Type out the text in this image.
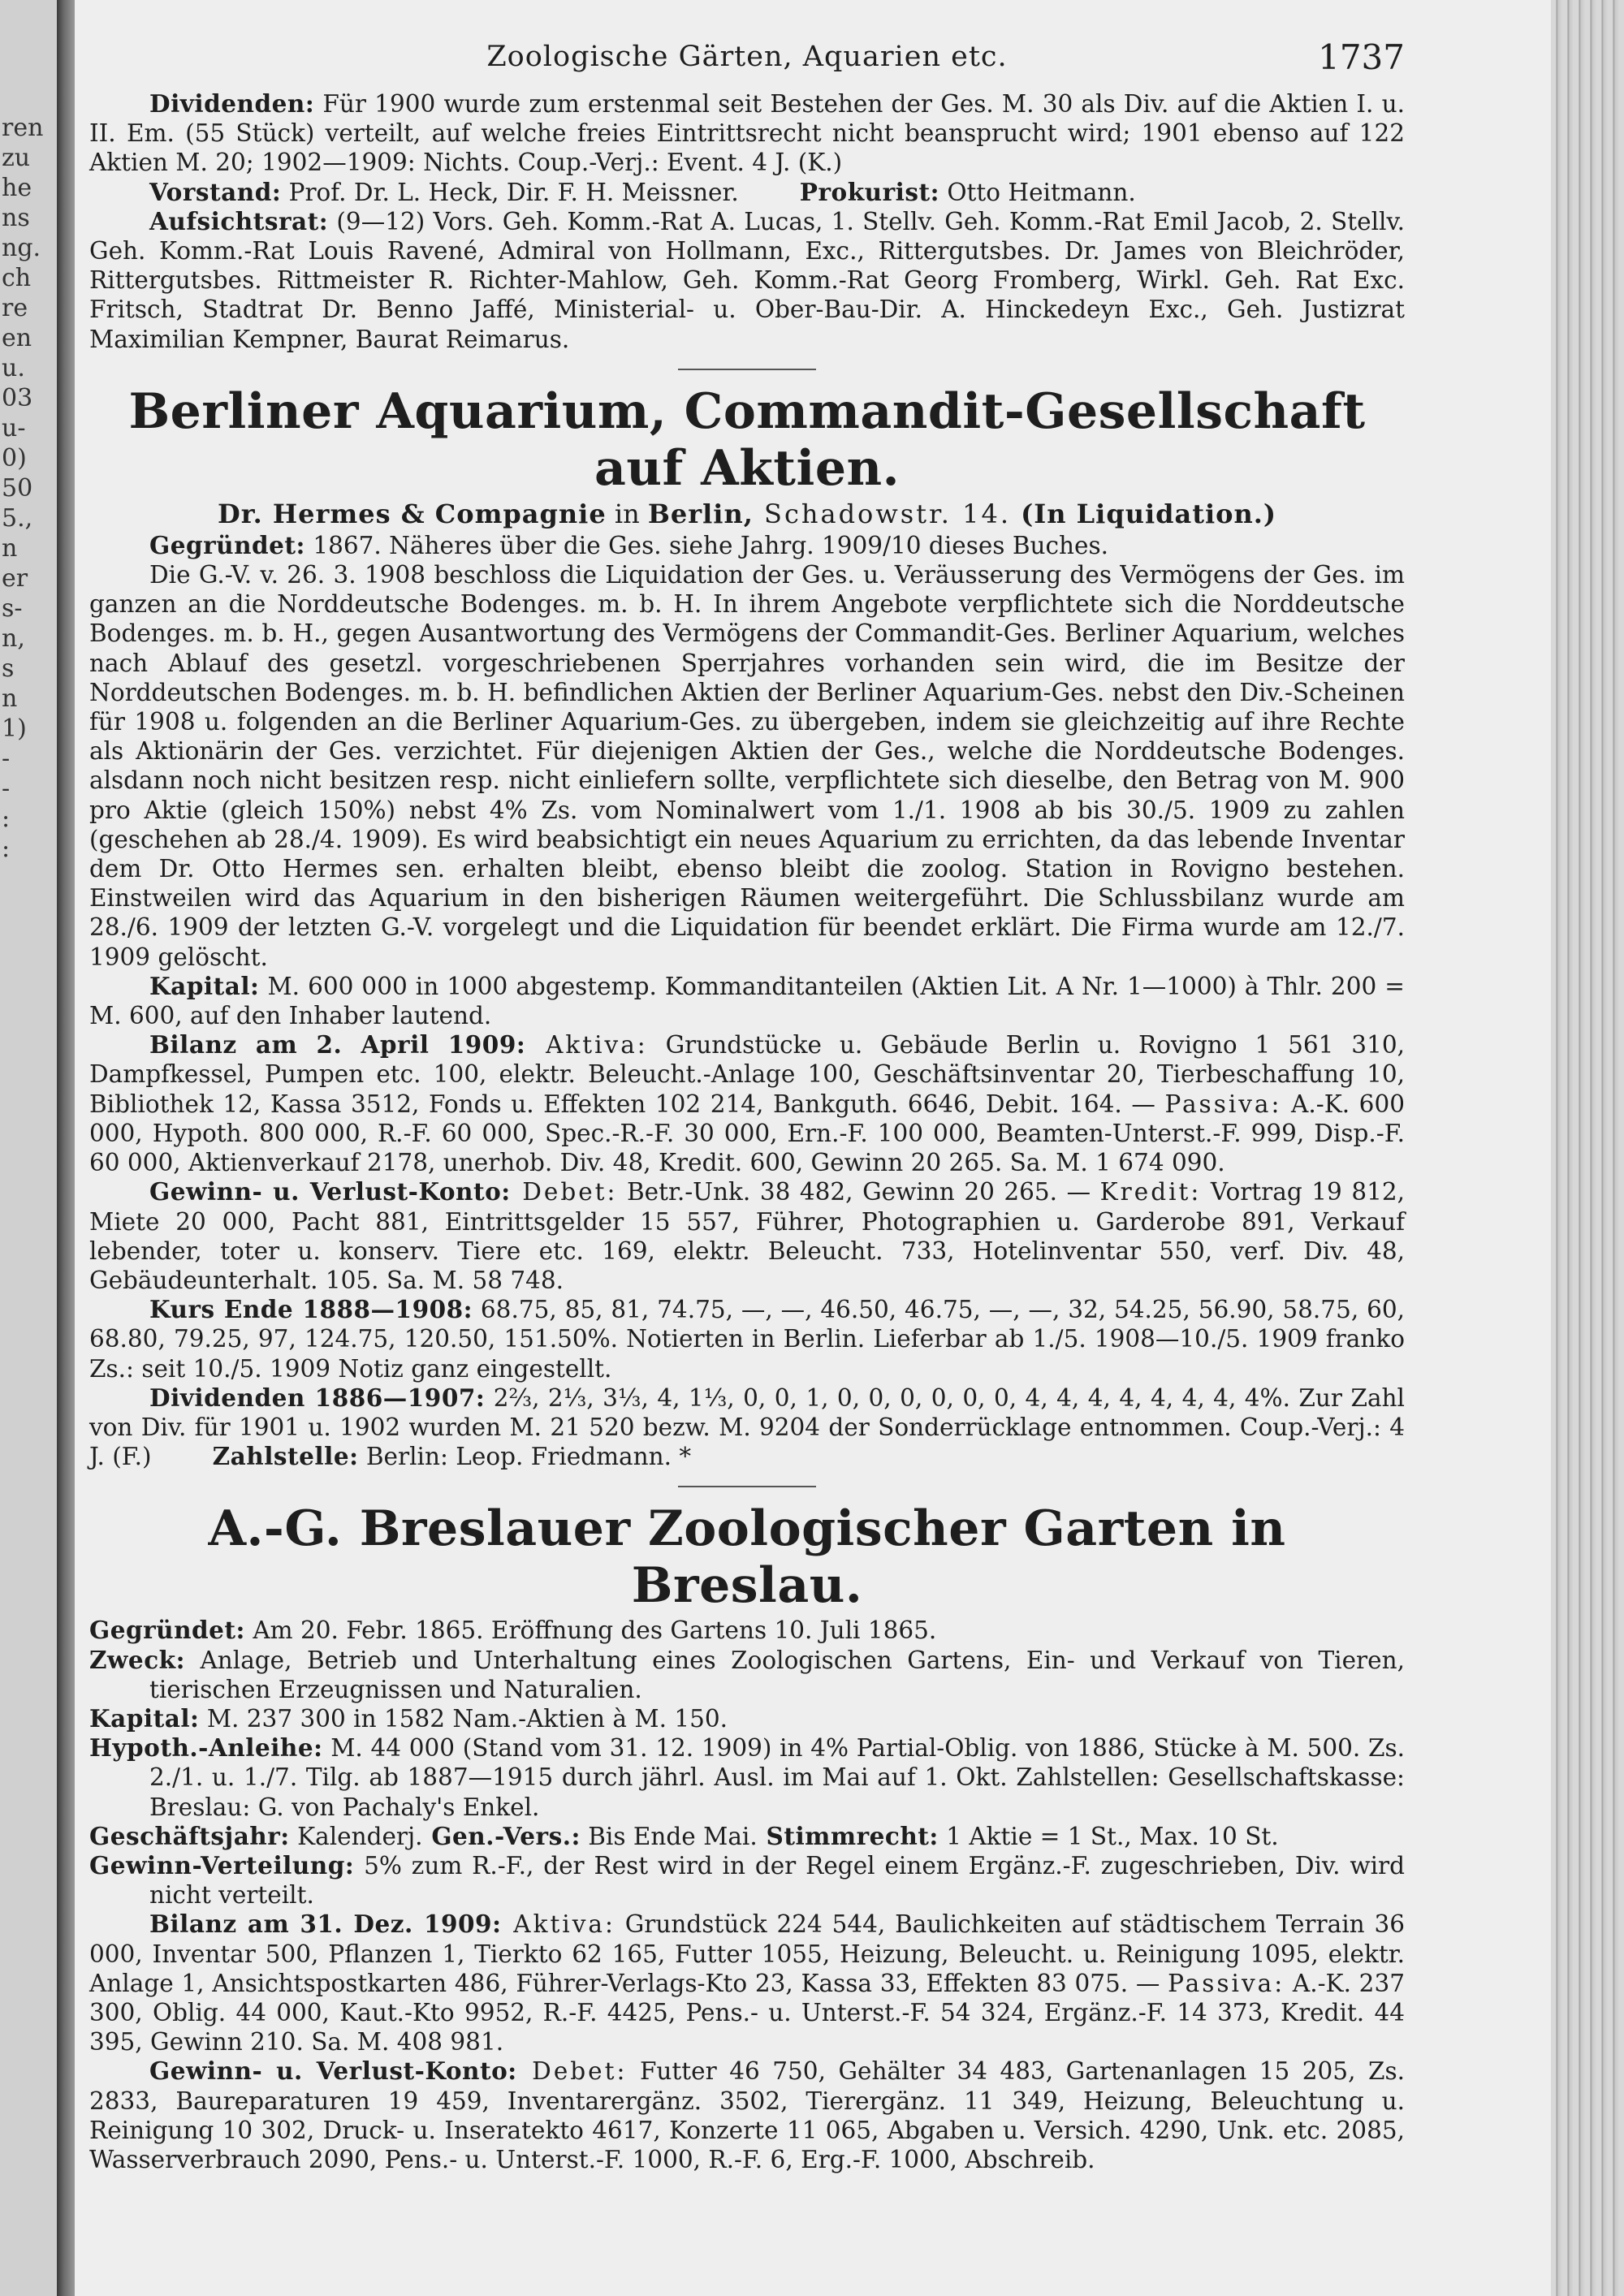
ren
zu
he
ns
ng.
ch
re
en
u.
03
u-
0)
50
5.,
n
er
s-
n,
s
n
1)
-
-
:
:
Zoologische Gärten, Aquarien etc.	1737

Dividenden: Für 1900 wurde zum erstenmal seit Bestehen der Ges. M. 30 als Div. auf die Aktien I. u. II. Em. (55 Stück) verteilt, auf welche freies Eintrittsrecht nicht beansprucht wird; 1901 ebenso auf 122 Aktien M. 20; 1902—1909: Nichts. Coup.-Verj.: Event. 4 J. (K.)

Vorstand: Prof. Dr. L. Heck, Dir. F. H. Meissner.	Prokurist: Otto Heitmann.

Aufsichtsrat: (9—12) Vors. Geh. Komm.-Rat A. Lucas, 1. Stellv. Geh. Komm.-Rat Emil Jacob, 2. Stellv. Geh. Komm.-Rat Louis Ravené, Admiral von Hollmann, Exc., Rittergutsbes. Dr. James von Bleichröder, Rittergutsbes. Rittmeister R. Richter-Mahlow, Geh. Komm.-Rat Georg Fromberg, Wirkl. Geh. Rat Exc. Fritsch, Stadtrat Dr. Benno Jaffé, Ministerial- u. Ober-Bau-Dir. A. Hinckedeyn Exc., Geh. Justizrat Maximilian Kempner, Baurat Reimarus.

Berliner Aquarium, Commandit-Gesellschaft auf Aktien.
Dr. Hermes & Compagnie in Berlin, Schadowstr. 14. (In Liquidation.)

Gegründet: 1867. Näheres über die Ges. siehe Jahrg. 1909/10 dieses Buches.

Die G.-V. v. 26. 3. 1908 beschloss die Liquidation der Ges. u. Veräusserung des Vermögens der Ges. im ganzen an die Norddeutsche Bodenges. m. b. H. In ihrem Angebote verpflichtete sich die Norddeutsche Bodenges. m. b. H., gegen Ausantwortung des Vermögens der Commandit-Ges. Berliner Aquarium, welches nach Ablauf des gesetzl. vorgeschriebenen Sperrjahres vorhanden sein wird, die im Besitze der Norddeutschen Bodenges. m. b. H. befindlichen Aktien der Berliner Aquarium-Ges. nebst den Div.-Scheinen für 1908 u. folgenden an die Berliner Aquarium-Ges. zu übergeben, indem sie gleichzeitig auf ihre Rechte als Aktionärin der Ges. verzichtet. Für diejenigen Aktien der Ges., welche die Norddeutsche Bodenges. alsdann noch nicht besitzen resp. nicht einliefern sollte, verpflichtete sich dieselbe, den Betrag von M. 900 pro Aktie (gleich 150%) nebst 4% Zs. vom Nominalwert vom 1./1. 1908 ab bis 30./5. 1909 zu zahlen (geschehen ab 28./4. 1909). Es wird beabsichtigt ein neues Aquarium zu errichten, da das lebende Inventar dem Dr. Otto Hermes sen. erhalten bleibt, ebenso bleibt die zoolog. Station in Rovigno bestehen. Einstweilen wird das Aquarium in den bisherigen Räumen weitergeführt. Die Schlussbilanz wurde am 28./6. 1909 der letzten G.-V. vorgelegt und die Liquidation für beendet erklärt. Die Firma wurde am 12./7. 1909 gelöscht.

Kapital: M. 600 000 in 1000 abgestemp. Kommanditanteilen (Aktien Lit. A Nr. 1—1000) à Thlr. 200 = M. 600, auf den Inhaber lautend.

Bilanz am 2. April 1909: Aktiva: Grundstücke u. Gebäude Berlin u. Rovigno 1 561 310, Dampfkessel, Pumpen etc. 100, elektr. Beleucht.-Anlage 100, Geschäftsinventar 20, Tierbeschaffung 10, Bibliothek 12, Kassa 3512, Fonds u. Effekten 102 214, Bankguth. 6646, Debit. 164. — Passiva: A.-K. 600 000, Hypoth. 800 000, R.-F. 60 000, Spec.-R.-F. 30 000, Ern.-F. 100 000, Beamten-Unterst.-F. 999, Disp.-F. 60 000, Aktienverkauf 2178, unerhob. Div. 48, Kredit. 600, Gewinn 20 265. Sa. M. 1 674 090.

Gewinn- u. Verlust-Konto: Debet: Betr.-Unk. 38 482, Gewinn 20 265. — Kredit: Vortrag 19 812, Miete 20 000, Pacht 881, Eintrittsgelder 15 557, Führer, Photographien u. Garderobe 891, Verkauf lebender, toter u. konserv. Tiere etc. 169, elektr. Beleucht. 733, Hotelinventar 550, verf. Div. 48, Gebäudeunterhalt. 105. Sa. M. 58 748.

Kurs Ende 1888—1908: 68.75, 85, 81, 74.75, —, —, 46.50, 46.75, —, —, 32, 54.25, 56.90, 58.75, 60, 68.80, 79.25, 97, 124.75, 120.50, 151.50%. Notierten in Berlin. Lieferbar ab 1./5. 1908—10./5. 1909 franko Zs.: seit 10./5. 1909 Notiz ganz eingestellt.

Dividenden 1886—1907: 2⅔, 2⅓, 3⅓, 4, 1⅓, 0, 0, 1, 0, 0, 0, 0, 0, 0, 4, 4, 4, 4, 4, 4, 4, 4%. Zur Zahl von Div. für 1901 u. 1902 wurden M. 21 520 bezw. M. 9204 der Sonderrücklage entnommen. Coup.-Verj.: 4 J. (F.)	Zahlstelle: Berlin: Leop. Friedmann. *

A.-G. Breslauer Zoologischer Garten in Breslau.

Gegründet: Am 20. Febr. 1865. Eröffnung des Gartens 10. Juli 1865.

Zweck: Anlage, Betrieb und Unterhaltung eines Zoologischen Gartens, Ein- und Verkauf von Tieren, tierischen Erzeugnissen und Naturalien.

Kapital: M. 237 300 in 1582 Nam.-Aktien à M. 150.

Hypoth.-Anleihe: M. 44 000 (Stand vom 31. 12. 1909) in 4% Partial-Oblig. von 1886, Stücke à M. 500. Zs. 2./1. u. 1./7. Tilg. ab 1887—1915 durch jährl. Ausl. im Mai auf 1. Okt. Zahlstellen: Gesellschaftskasse: Breslau: G. von Pachaly's Enkel.

Geschäftsjahr: Kalenderj. Gen.-Vers.: Bis Ende Mai. Stimmrecht: 1 Aktie = 1 St., Max. 10 St.

Gewinn-Verteilung: 5% zum R.-F., der Rest wird in der Regel einem Ergänz.-F. zugeschrieben, Div. wird nicht verteilt.

Bilanz am 31. Dez. 1909: Aktiva: Grundstück 224 544, Baulichkeiten auf städtischem Terrain 36 000, Inventar 500, Pflanzen 1, Tierkto 62 165, Futter 1055, Heizung, Beleucht. u. Reinigung 1095, elektr. Anlage 1, Ansichtspostkarten 486, Führer-Verlags-Kto 23, Kassa 33, Effekten 83 075. — Passiva: A.-K. 237 300, Oblig. 44 000, Kaut.-Kto 9952, R.-F. 4425, Pens.- u. Unterst.-F. 54 324, Ergänz.-F. 14 373, Kredit. 44 395, Gewinn 210. Sa. M. 408 981.

Gewinn- u. Verlust-Konto: Debet: Futter 46 750, Gehälter 34 483, Gartenanlagen 15 205, Zs. 2833, Baureparaturen 19 459, Inventarergänz. 3502, Tierergänz. 11 349, Heizung, Beleuchtung u. Reinigung 10 302, Druck- u. Inseratekto 4617, Konzerte 11 065, Abgaben u. Versich. 4290, Unk. etc. 2085, Wasserverbrauch 2090, Pens.- u. Unterst.-F. 1000, R.-F. 6, Erg.-F. 1000, Abschreib.
